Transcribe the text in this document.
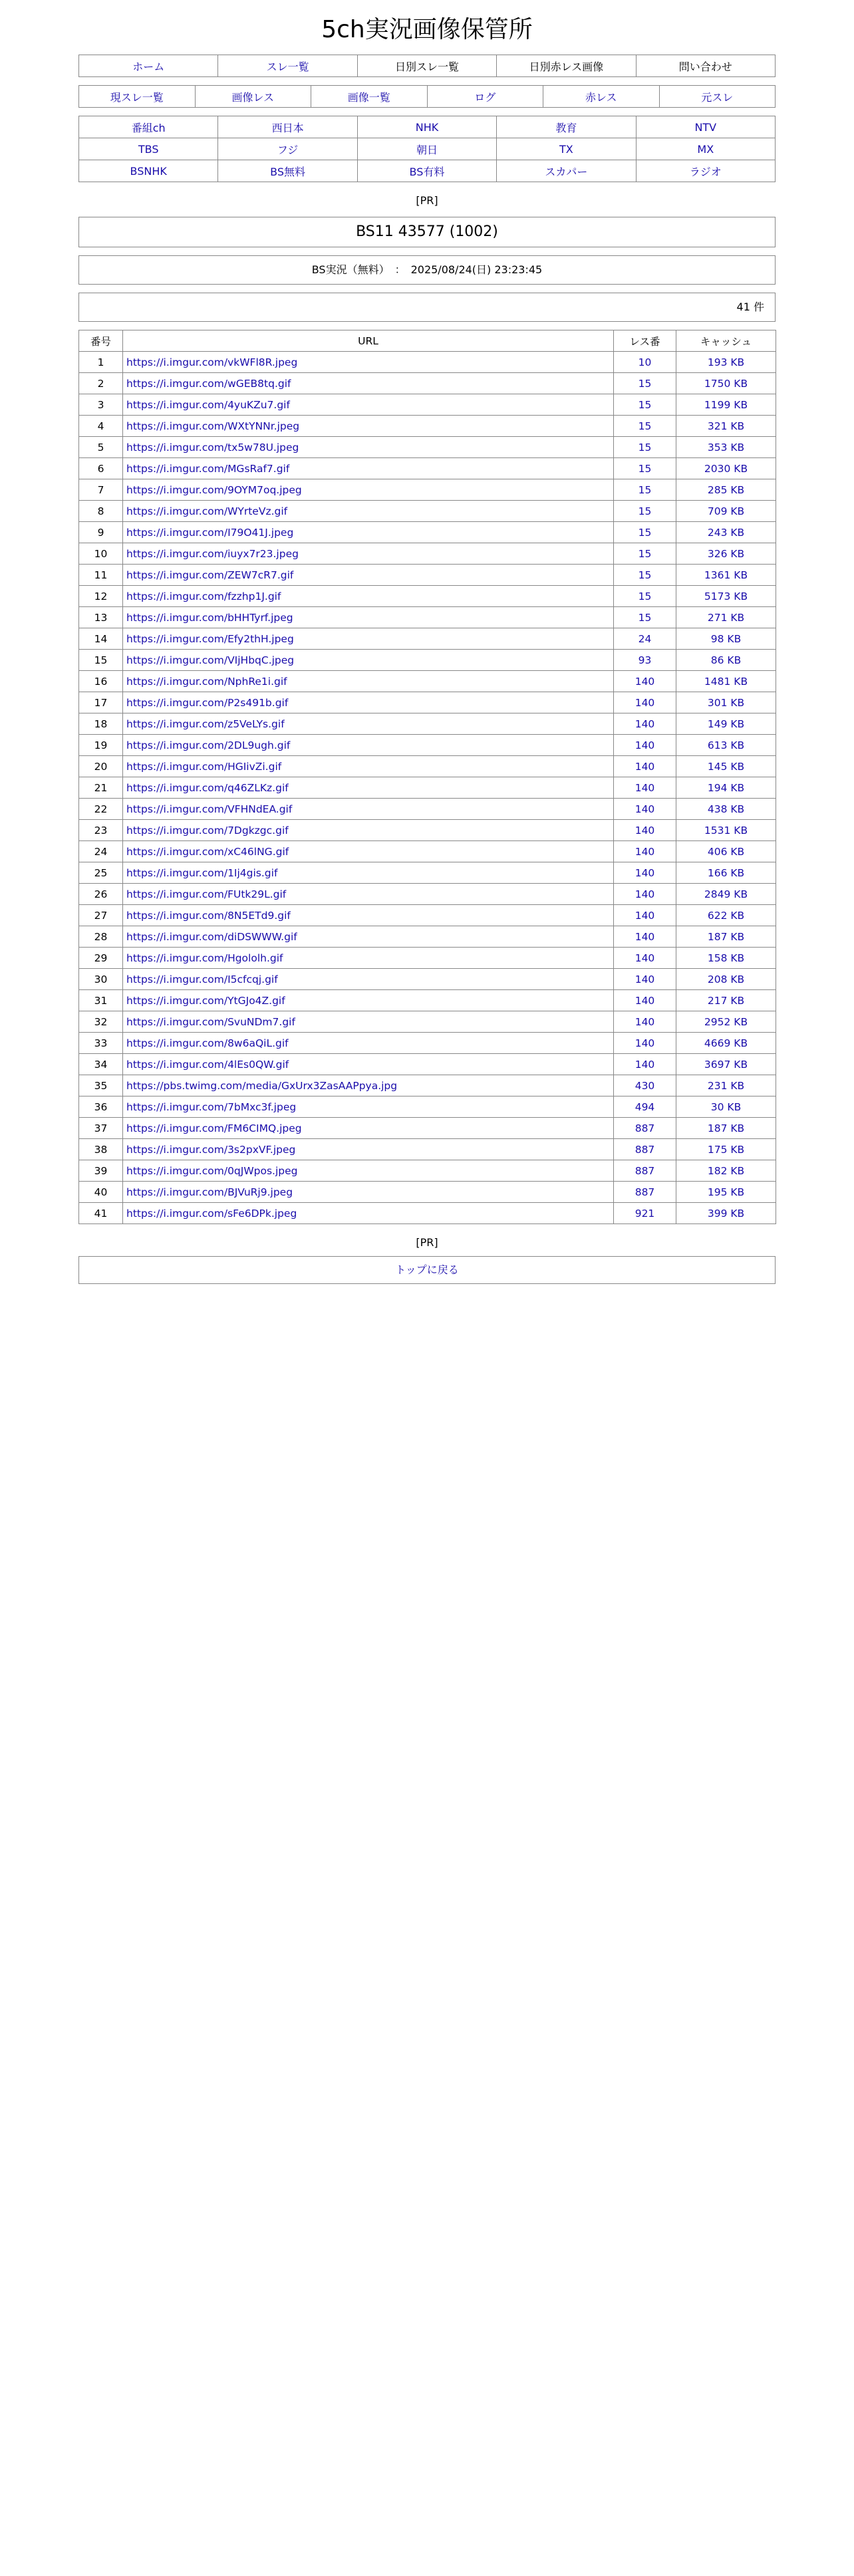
5ch実況画像保管所
ホーム	スレ一覧	日別スレ一覧	日別赤レス画像	問い合わせ
現スレ一覧	画像レス	画像一覧	ログ	赤レス	元スレ
番組ch	西日本	NHK	教育	NTV
TBS	フジ	朝日	TX	MX
BSNHK	BS無料	BS有料	スカパー	ラジオ
[PR]
BS11 43577 (1002)
BS実況（無料）　：　2025/08/24(日) 23:23:45
41 件
番号	URL	レス番	キャッシュ
1	https://i.imgur.com/vkWFl8R.jpeg	10	193 KB
2	https://i.imgur.com/wGEB8tq.gif	15	1750 KB
3	https://i.imgur.com/4yuKZu7.gif	15	1199 KB
4	https://i.imgur.com/WXtYNNr.jpeg	15	321 KB
5	https://i.imgur.com/tx5w78U.jpeg	15	353 KB
6	https://i.imgur.com/MGsRaf7.gif	15	2030 KB
7	https://i.imgur.com/9OYM7oq.jpeg	15	285 KB
8	https://i.imgur.com/WYrteVz.gif	15	709 KB
9	https://i.imgur.com/I79O41J.jpeg	15	243 KB
10	https://i.imgur.com/iuyx7r23.jpeg	15	326 KB
11	https://i.imgur.com/ZEW7cR7.gif	15	1361 KB
12	https://i.imgur.com/fzzhp1J.gif	15	5173 KB
13	https://i.imgur.com/bHHTyrf.jpeg	15	271 KB
14	https://i.imgur.com/Efy2thH.jpeg	24	98 KB
15	https://i.imgur.com/VIjHbqC.jpeg	93	86 KB
16	https://i.imgur.com/NphRe1i.gif	140	1481 KB
17	https://i.imgur.com/P2s491b.gif	140	301 KB
18	https://i.imgur.com/z5VeLYs.gif	140	149 KB
19	https://i.imgur.com/2DL9ugh.gif	140	613 KB
20	https://i.imgur.com/HGIivZi.gif	140	145 KB
21	https://i.imgur.com/q46ZLKz.gif	140	194 KB
22	https://i.imgur.com/VFHNdEA.gif	140	438 KB
23	https://i.imgur.com/7Dgkzgc.gif	140	1531 KB
24	https://i.imgur.com/xC46lNG.gif	140	406 KB
25	https://i.imgur.com/1Ij4gis.gif	140	166 KB
26	https://i.imgur.com/FUtk29L.gif	140	2849 KB
27	https://i.imgur.com/8N5ETd9.gif	140	622 KB
28	https://i.imgur.com/diDSWWW.gif	140	187 KB
29	https://i.imgur.com/Hgololh.gif	140	158 KB
30	https://i.imgur.com/I5cfcqj.gif	140	208 KB
31	https://i.imgur.com/YtGJo4Z.gif	140	217 KB
32	https://i.imgur.com/SvuNDm7.gif	140	2952 KB
33	https://i.imgur.com/8w6aQiL.gif	140	4669 KB
34	https://i.imgur.com/4lEs0QW.gif	140	3697 KB
35	https://pbs.twimg.com/media/GxUrx3ZasAAPpya.jpg	430	231 KB
36	https://i.imgur.com/7bMxc3f.jpeg	494	30 KB
37	https://i.imgur.com/FM6CIMQ.jpeg	887	187 KB
38	https://i.imgur.com/3s2pxVF.jpeg	887	175 KB
39	https://i.imgur.com/0qJWpos.jpeg	887	182 KB
40	https://i.imgur.com/BJVuRj9.jpeg	887	195 KB
41	https://i.imgur.com/sFe6DPk.jpeg	921	399 KB
[PR]
トップに戻る
